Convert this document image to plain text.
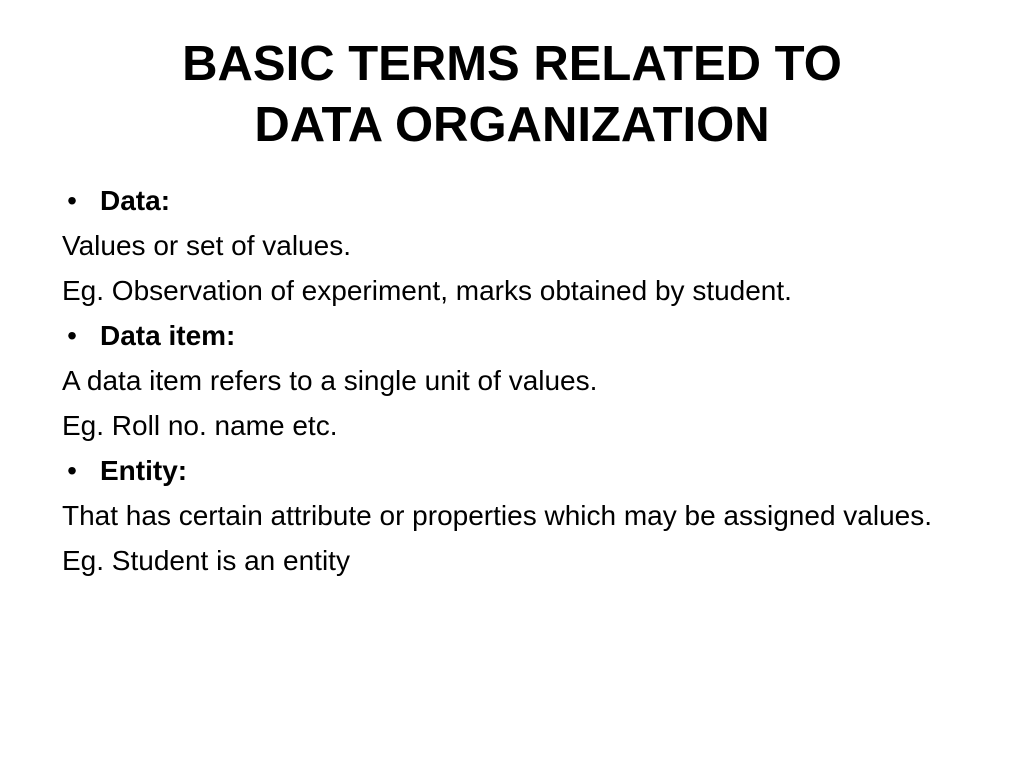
BASIC TERMS RELATED TO
DATA ORGANIZATION
• Data:
Values or set of values.
Eg. Observation of experiment, marks obtained by student.
• Data item:
A data item refers to a single unit of values.
Eg. Roll no. name etc.
• Entity:
That has certain attribute or properties which may be assigned values.
Eg. Student is an entity
